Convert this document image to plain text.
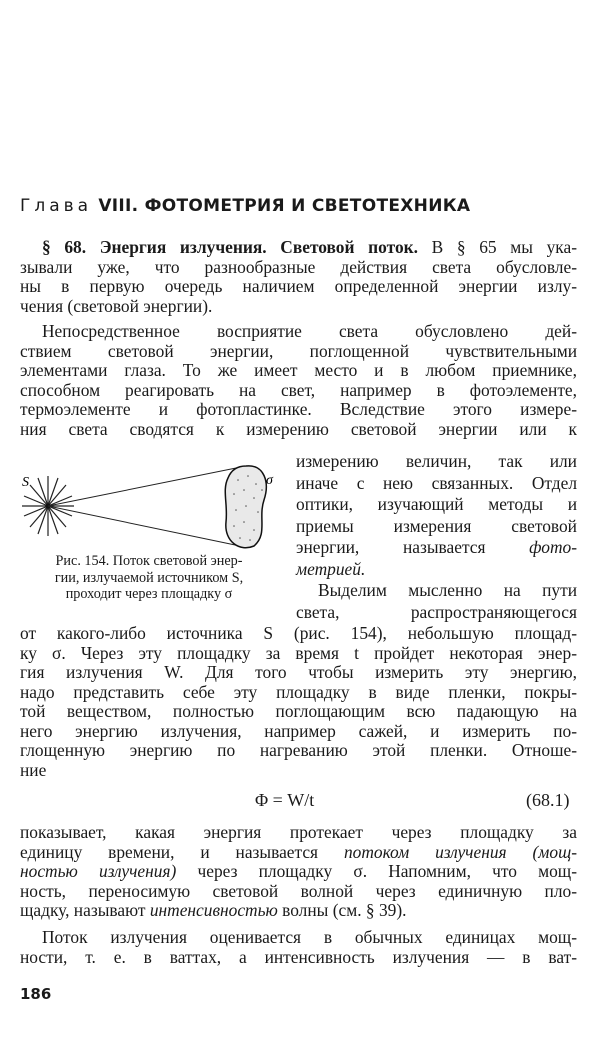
Глава VIII. ФОТОМЕТРИЯ И СВЕТОТЕХНИКА
§ 68. Энергия излучения. Световой поток. В § 65 мы ука-
зывали уже, что разнообразные действия света обусловле-
ны в первую очередь наличием определенной энергии излу-
чения (световой энергии).
Непосредственное восприятие света обусловлено дей-
ствием световой энергии, поглощенной чувствительными
элементами глаза. То же имеет место и в любом приемнике,
способном реагировать на свет, например в фотоэлементе,
термоэлементе и фотопластинке. Вследствие этого измере-
ния света сводятся к измерению световой энергии или к
S	σ
Рис. 154. Поток световой энер-
гии, излучаемой источником S,
проходит через площадку σ
измерению величин, так или
иначе с нею связанных. Отдел
оптики, изучающий методы и
приемы измерения световой
энергии, называется	фото-
метрией.
Выделим мысленно на пути
света, распространяющегося
от какого-либо источника S (рис. 154), небольшую площад-
ку σ. Через эту площадку за время t пройдет некоторая энер-
гия излучения W. Для того чтобы измерить эту энергию,
надо представить себе эту площадку в виде пленки, покры-
той веществом, полностью поглощающим всю падающую на
него энергию излучения, например сажей, и измерить по-
глощенную энергию по нагреванию этой пленки. Отноше-
ние
Φ = W/t	(68.1)
показывает, какая энергия протекает через площадку за
единицу времени, и называется потоком излучения (мощ-
ностью излучения) через площадку σ. Напомним, что мощ-
ность, переносимую световой волной через единичную пло-
щадку, называют интенсивностью волны (см. § 39).
Поток излучения оценивается в обычных единицах мощ-
ности, т. е. в ваттах, а интенсивность излучения — в ват-
186
